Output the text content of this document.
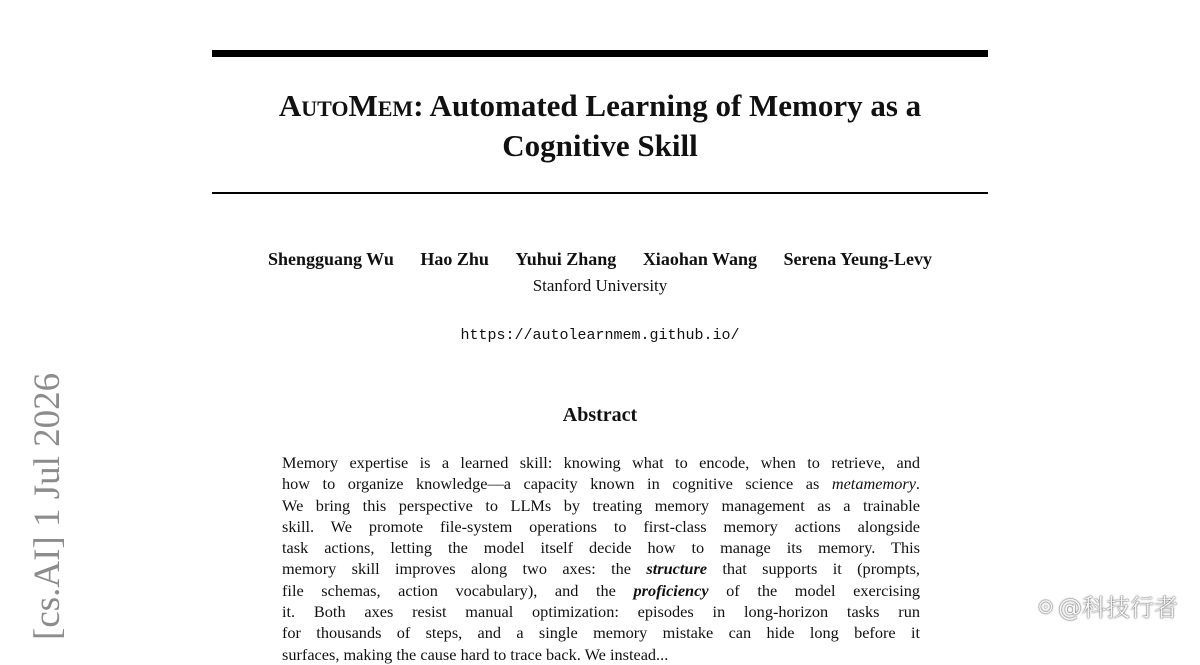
AutoMem: Automated Learning of Memory as a
Cognitive Skill
Shengguang Wu Hao Zhu Yuhui Zhang Xiaohan Wang Serena Yeung-Levy
Stanford University
https://autolearnmem.github.io/
Abstract
Memory expertise is a learned skill: knowing what to encode, when to retrieve, and
how to organize knowledge—a capacity known in cognitive science as metamemory.
We bring this perspective to LLMs by treating memory management as a trainable
skill. We promote file-system operations to first-class memory actions alongside
task actions, letting the model itself decide how to manage its memory. This
memory skill improves along two axes: the structure that supports it (prompts,
file schemas, action vocabulary), and the proficiency of the model exercising
it. Both axes resist manual optimization: episodes in long-horizon tasks run
for thousands of steps, and a single memory mistake can hide long before it
surfaces, making the cause hard to trace back. We instead...
[cs.AI] 1 Jul 2026	⊙ @科技行者
